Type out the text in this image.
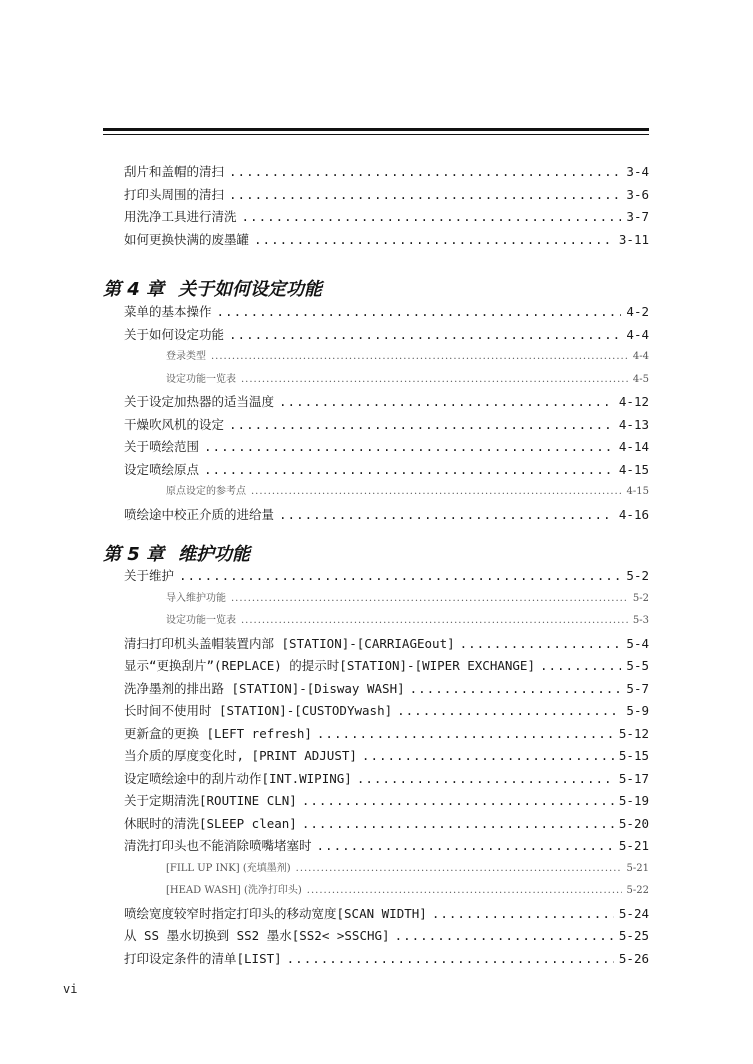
刮片和盖帽的清扫 .....	3-4
打印头周围的清扫 .....	3-6
用洗净工具进行清洗 .....	3-7
如何更换快满的废墨罐 .....	3-11
第 4 章 关于如何设定功能
菜单的基本操作 .....	4-2
关于如何设定功能 .....	4-4
登录类型 .....	4-4
设定功能一览表 .....	4-5
关于设定加热器的适当温度 .....	4-12
干燥吹风机的设定 .....	4-13
关于喷绘范围 .....	4-14
设定喷绘原点 .....	4-15
原点设定的参考点 .....	4-15
喷绘途中校正介质的进给量 .....	4-16
第 5 章 维护功能
关于维护 .....	5-2
导入维护功能 .....	5-2
设定功能一览表 .....	5-3
清扫打印机头盖帽装置内部 [STATION]-[CARRIAGEout] .....	5-4
显示“更换刮片”(REPLACE) 的提示时[STATION]-[WIPER EXCHANGE] .....	5-5
洗净墨剂的排出路 [STATION]-[Disway WASH] .....	5-7
长时间不使用时 [STATION]-[CUSTODYwash] .....	5-9
更新盒的更换 [LEFT refresh] .....	5-12
当介质的厚度变化时, [PRINT ADJUST] .....	5-15
设定喷绘途中的刮片动作[INT.WIPING] .....	5-17
关于定期清洗[ROUTINE CLN] .....	5-19
休眠时的清洗[SLEEP clean] .....	5-20
清洗打印头也不能消除喷嘴堵塞时 .....	5-21
[FILL UP INK] (充填墨剂) .....	5-21
[HEAD WASH] (洗净打印头) .....	5-22
喷绘宽度较窄时指定打印头的移动宽度[SCAN WIDTH] .....	5-24
从 SS 墨水切换到 SS2 墨水[SS2< >SSCHG] .....	5-25
打印设定条件的清单[LIST] .....	5-26
vi
